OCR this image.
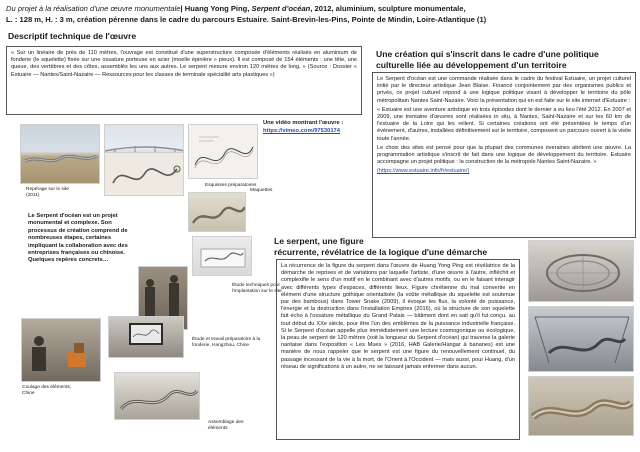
Du projet à la réalisation d'une œuvre monumentale| Huang Yong Ping, Serpent d'océan, 2012, aluminium, sculpture monumentale,
L. : 128 m, H. : 3 m, création pérenne dans le cadre du parcours Estuaire. Saint-Brevin-les-Pins, Pointe de Mindin, Loire-Atlantique (1)
Descriptif technique de l'œuvre
« Sur un linéaire de près de 110 mètres, l'ouvrage est constitué d'une superstructure composée d'éléments réalisés en aluminium de fonderie (le squelette) fixée sur une ossature porteuse en acier (moelle épinière » pieux). Il est composé de 154 éléments : une tête, une queue, des vertèbres et des côtes, assemblés les uns aux autres. Le serpent mesure environ 120 mètres de long. » (Source : Dossier « Estuaire — Nantes/Saint-Nazaire — Ressources pour les classes de terminale spécialité arts plastiques »)
Une vidéo montrant l'œuvre :
https://vimeo.com/97530174
Esquisses préparatoires
Maquettes
Repérage sur le site (2011)
Le Serpent d'océan est un projet monumental et complexe. Son processus de création comprend de nombreuses étapes, certaines impliquant la collaboration avec des entreprises françaises ou chinoise. Quelques repères concrets…
Étude techniques pour l'implantation sur le site
Étude et travail préparatoire à la fonderie, Hangzhou, Chine
Coulage des éléments, Chine
Assemblage des éléments
Une création qui s'inscrit dans le cadre d'une politique
culturelle liée au développement d'un territoire

Le Serpent d'océan est une commande réalisée dans le cadre du festival Estuaire, un projet culturel initié par le directeur artistique Jean Blaise. Financé conjointement par des organismes publics et privés, ce projet culturel répond à une logique politique visant à développer le territoire du pôle métropolitain Nantes Saint-Nazaire. Voici la présentation qui en est faite sur le site internet d'Estuaire :

« Estuaire est une aventure artistique en trois épisodes dont le dernier a eu lieu l'été 2012. En 2007 et 2009, une trentaine d'œuvres sont réalisées in situ, à Nantes, Saint-Nazaire et sur les 60 km de l'estuaire de la Loire qui les relient. Si certaines créations ont été présentées le temps d'un événement, d'autres, installées définitivement sur le territoire, composent un parcours ouvert à la visite toute l'année.

Le choix des sites est pensé pour que la plupart des communes riveraines abritent une œuvre. La programmation artistique s'inscrit de fait dans une logique de développement du territoire. Estuaire accompagne un projet politique : la construction de la métropole Nantes Saint-Nazaire. »

(https://www.estuaire.info/fr/estuaire/)
Le serpent, une figure
récurrente, révélatrice de la logique d'une démarche
La récurrence de la figure du serpent dans l'œuvre de Huang Yong Ping est révélatrice de la démarche de reprises et de variations par laquelle l'artiste, d'une œuvre à l'autre, infléchit et complexifie le sens d'un motif en le combinant avec d'autres motifs, ou en le faisant interagir avec différents types d'espaces, différents lieux. Figure chrétienne du mal convertie en élément d'une structure gothique orientalisée (la voûte métallique du squelette est soutenue par des bambous) dans Tower Snake (2009), il évoque les flux, la volonté de puissance, l'énergie et la destruction dans l'installation Empires (2016), où la structure de son squelette fait écho à l'ossature métallique du Grand Palais — bâtiment dont en sait qu'il fut conçu, au tout début du XXe siècle, pour être l'un des emblèmes de la puissance industrielle française. Si le Serpent d'océan appelle plus immédiatement une lecture cosmogonique ou écologique, la peau de serpent de 120 mètres (soit la longueur du Serpent d'océan) qui traverse la galerie nantaise dans l'exposition « Les Mues » (2016, HAB Galerie/Hangar à bananes) est une manière de nous rappeler que le serpent est une figure du renouvellement continuel, du passage incessant de la vie à la mort, de l'Orient à l'Occident — mais aussi, pour Huang, d'un réseau de significations à un autre, ne se laissant jamais enfermer dans aucun.
